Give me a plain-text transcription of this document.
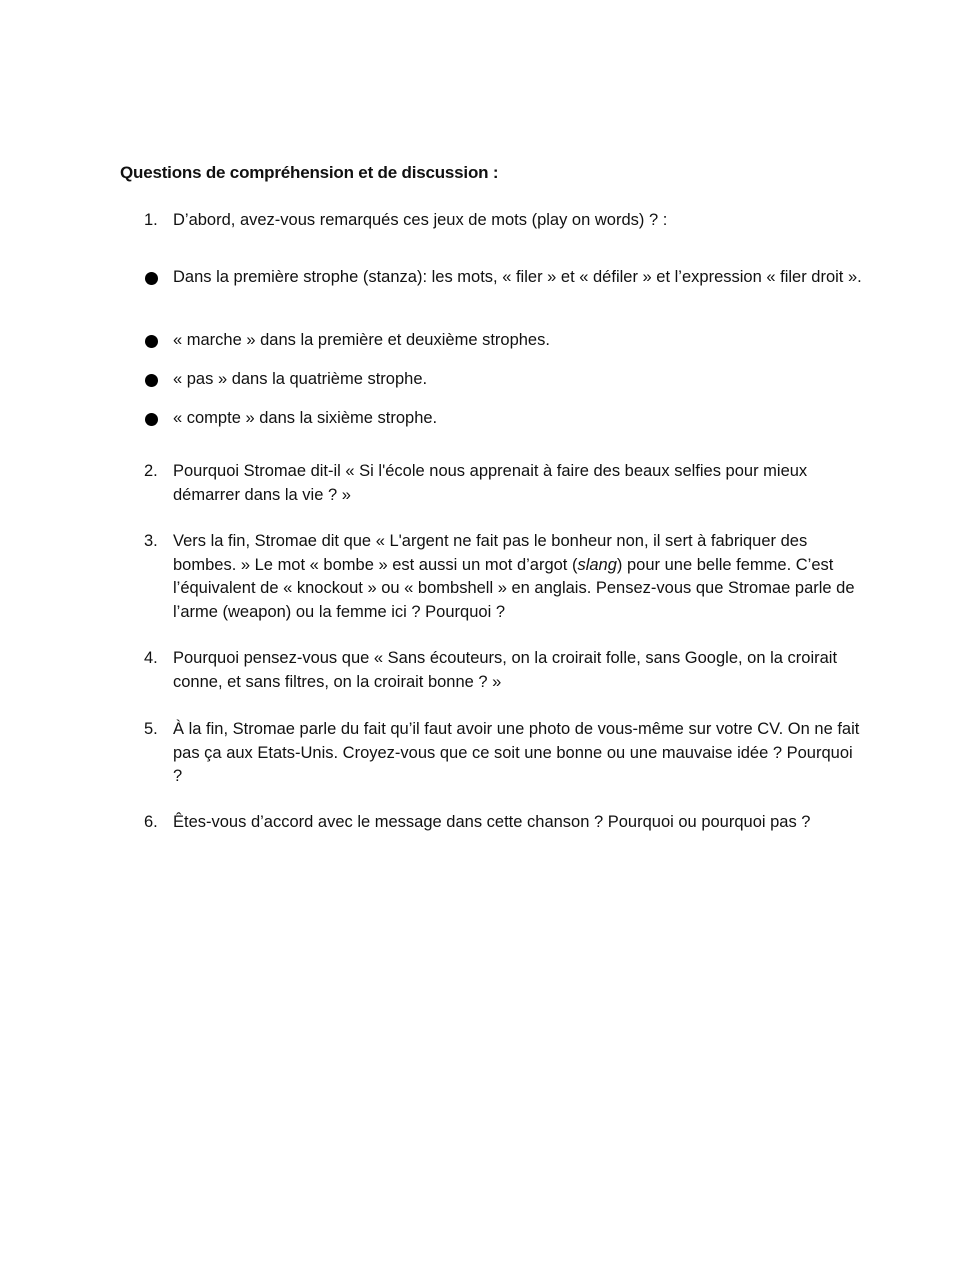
Questions de compréhension et de discussion :
1. D’abord, avez-vous remarqués ces jeux de mots (play on words) ? :
Dans la première strophe (stanza): les mots, « filer » et « défiler » et l’expression « filer droit ».
« marche » dans la première et deuxième strophes.
« pas » dans la quatrième strophe.
« compte » dans la sixième strophe.
2. Pourquoi Stromae dit-il « Si l'école nous apprenait à faire des beaux selfies pour mieux démarrer dans la vie ? »
3. Vers la fin, Stromae dit que « L'argent ne fait pas le bonheur non, il sert à fabriquer des bombes. » Le mot « bombe » est aussi un mot d’argot (slang) pour une belle femme. C’est l’équivalent de « knockout » ou « bombshell » en anglais. Pensez-vous que Stromae parle de l’arme (weapon) ou la femme ici ? Pourquoi ?
4. Pourquoi pensez-vous que « Sans écouteurs, on la croirait folle, sans Google, on la croirait conne, et sans filtres, on la croirait bonne ? »
5. À la fin, Stromae parle du fait qu’il faut avoir une photo de vous-même sur votre CV. On ne fait pas ça aux Etats-Unis. Croyez-vous que ce soit une bonne ou une mauvaise idée ? Pourquoi ?
6. Êtes-vous d’accord avec le message dans cette chanson ? Pourquoi ou pourquoi pas ?
